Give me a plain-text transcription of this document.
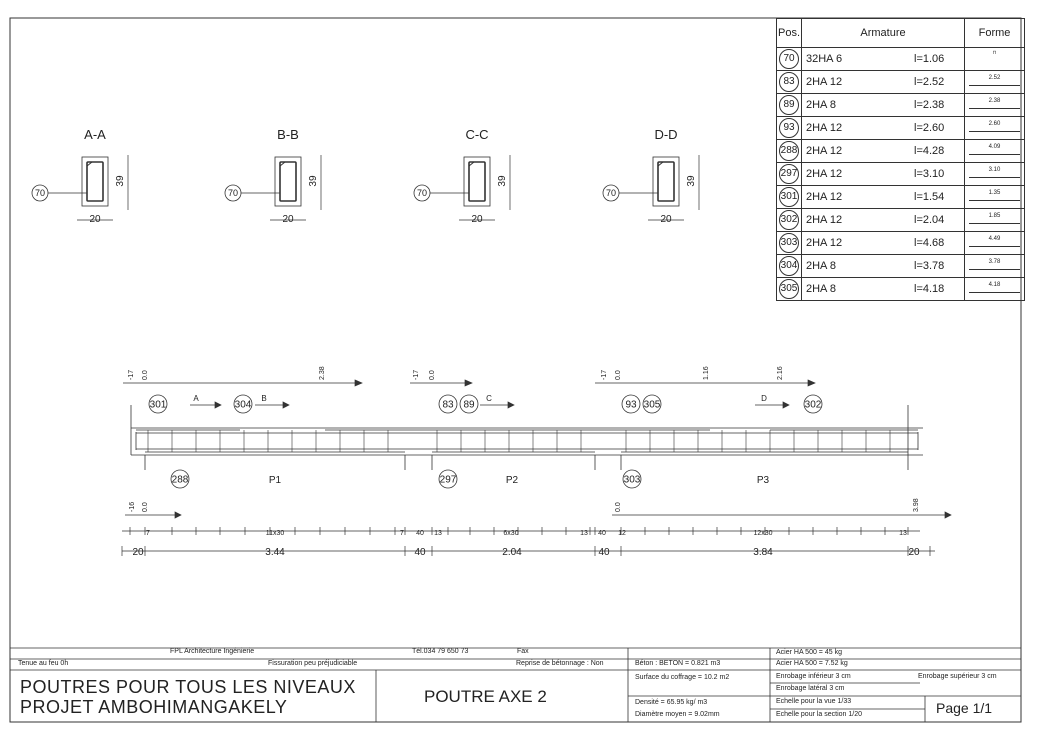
A-A
70
39
20
B-B
70
39
20
C-C
70
39
20
D-D
70
39
20
-17 0.0	2.38	-17 0.0	-17 0.0	1.16	2.16
A	B	C	D
301	304	83 89	93 305	302
288	297	303
P1	P2	P3
-16 0.0	0.0	3.98
7	11x30	7 40 13	6x30	13 40 12	12x30	13
20	3.44	40	2.04	40	3.84	20
Pos.	Armature		Forme
70	32HA 6	l=1.06	⊓

83	2HA 12	l=2.52	2.52

89	2HA 8	l=2.38	2.38

93	2HA 12	l=2.60	2.60

288	2HA 12	l=4.28	4.09

297	2HA 12	l=3.10	3.10

301	2HA 12	l=1.54	1.35

302	2HA 12	l=2.04	1.85

303	2HA 12	l=4.68	4.49

304	2HA 8	l=3.78	3.78

305	2HA 8	l=4.18	4.18
FPL Architecture Ingénierie	Tél.034 79 650 73	Fax
Tenue au feu 0h	Fissuration peu préjudiciable	Reprise de bétonnage : Non
POUTRES POUR TOUS LES NIVEAUX
PROJET AMBOHIMANGAKELY
POUTRE AXE 2
Béton : BETON = 0.821 m3
Surface du coffrage = 10.2 m2
Densité = 65.95 kg/ m3
Diamètre moyen = 9.02mm
Acier HA 500 = 45 kg
Acier HA 500 = 7.52 kg
Enrobage inférieur 3 cm	Enrobage supérieur 3 cm
Enrobage latéral 3 cm
Echelle pour la vue 1/33
Echelle pour la section 1/20	Page 1/1
